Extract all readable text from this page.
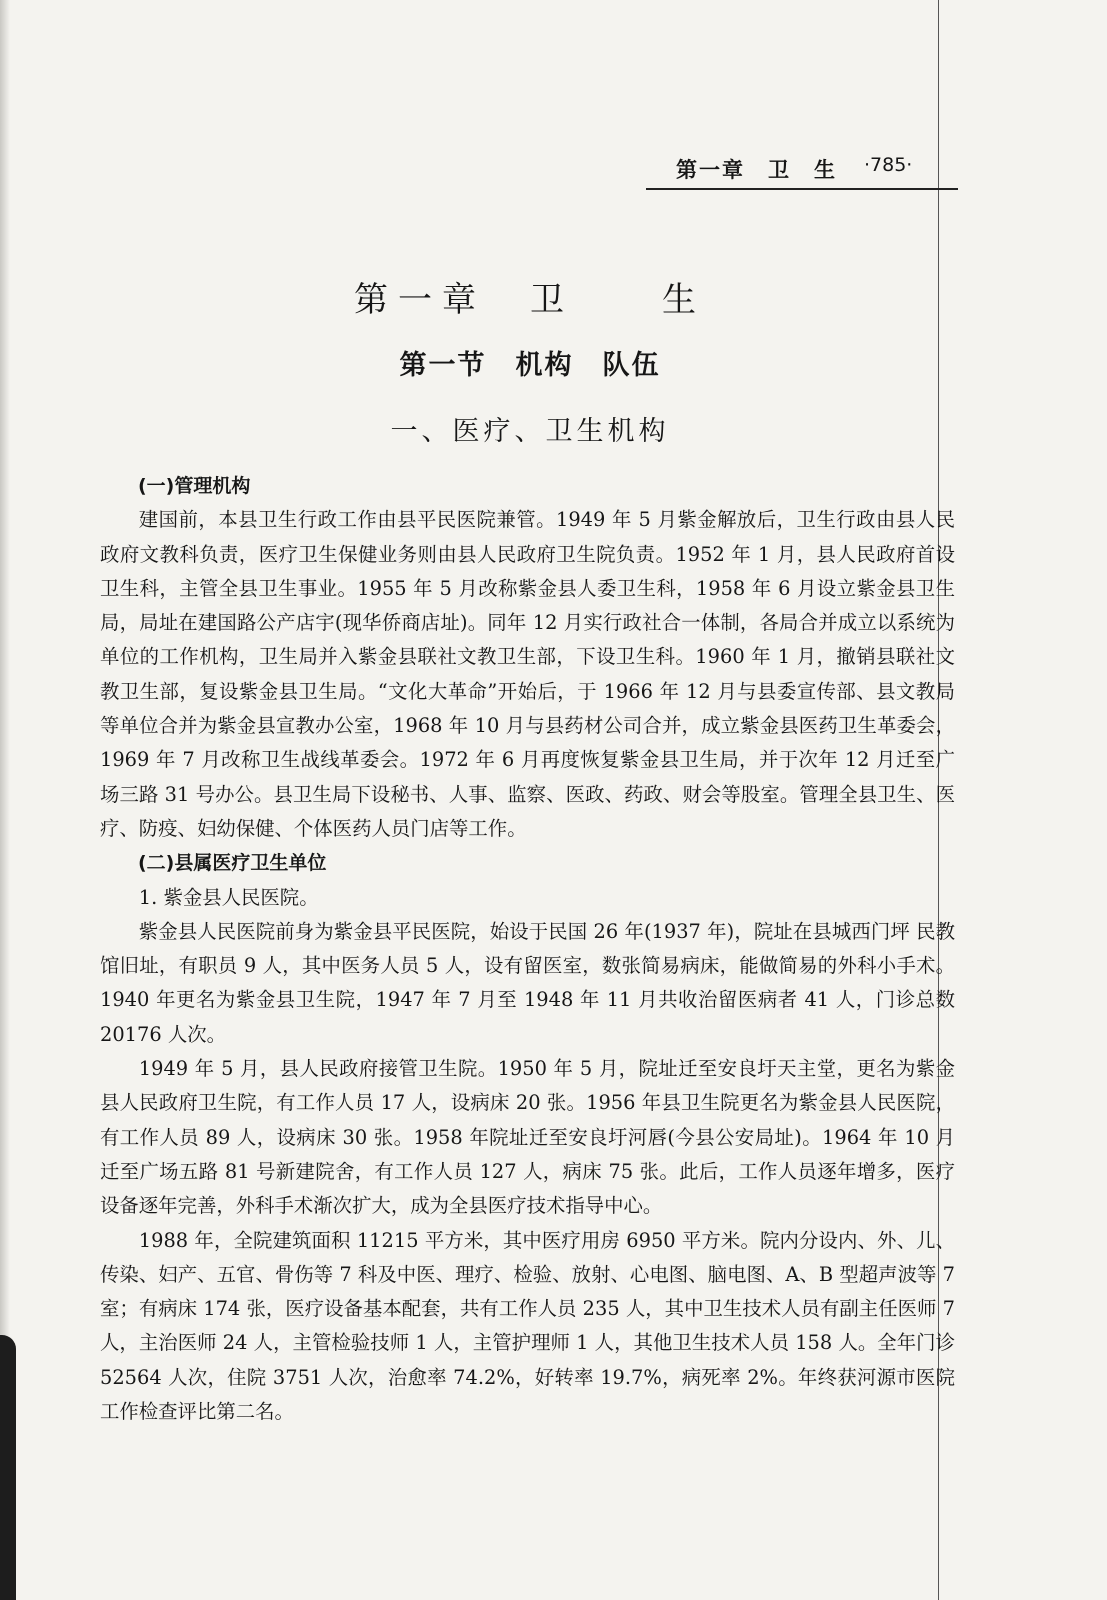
第一章　卫　生 ·785·
第一章　卫　　生
第一节　机构　队伍
一、医疗、卫生机构
(一)管理机构

建国前，本县卫生行政工作由县平民医院兼管。1949 年 5 月紫金解放后，卫生行政由县人民政府文教科负责，医疗卫生保健业务则由县人民政府卫生院负责。1952 年 1 月，县人民政府首设卫生科，主管全县卫生事业。1955 年 5 月改称紫金县人委卫生科，1958 年 6 月设立紫金县卫生局，局址在建国路公产店宇(现华侨商店址)。同年 12 月实行政社合一体制，各局合并成立以系统为单位的工作机构，卫生局并入紫金县联社文教卫生部，下设卫生科。1960 年 1 月，撤销县联社文教卫生部，复设紫金县卫生局。“文化大革命”开始后，于 1966 年 12 月与县委宣传部、县文教局等单位合并为紫金县宣教办公室，1968 年 10 月与县药材公司合并，成立紫金县医药卫生革委会，1969 年 7 月改称卫生战线革委会。1972 年 6 月再度恢复紫金县卫生局，并于次年 12 月迁至广场三路 31 号办公。县卫生局下设秘书、人事、监察、医政、药政、财会等股室。管理全县卫生、医疗、防疫、妇幼保健、个体医药人员门店等工作。

(二)县属医疗卫生单位
1. 紫金县人民医院。

紫金县人民医院前身为紫金县平民医院，始设于民国 26 年(1937 年)，院址在县城西门坪 民教馆旧址，有职员 9 人，其中医务人员 5 人，设有留医室，数张简易病床，能做简易的外科小手术。1940 年更名为紫金县卫生院，1947 年 7 月至 1948 年 11 月共收治留医病者 41 人，门诊总数 20176 人次。

1949 年 5 月，县人民政府接管卫生院。1950 年 5 月，院址迁至安良圩天主堂，更名为紫金县人民政府卫生院，有工作人员 17 人，设病床 20 张。1956 年县卫生院更名为紫金县人民医院，有工作人员 89 人，设病床 30 张。1958 年院址迁至安良圩河唇(今县公安局址)。1964 年 10 月迁至广场五路 81 号新建院舍，有工作人员 127 人，病床 75 张。此后，工作人员逐年增多，医疗设备逐年完善，外科手术渐次扩大，成为全县医疗技术指导中心。

1988 年，全院建筑面积 11215 平方米，其中医疗用房 6950 平方米。院内分设内、外、儿、传染、妇产、五官、骨伤等 7 科及中医、理疗、检验、放射、心电图、脑电图、A、B 型超声波等 7 室；有病床 174 张，医疗设备基本配套，共有工作人员 235 人，其中卫生技术人员有副主任医师 7 人，主治医师 24 人，主管检验技师 1 人，主管护理师 1 人，其他卫生技术人员 158 人。全年门诊 52564 人次，住院 3751 人次，治愈率 74.2%，好转率 19.7%，病死率 2%。年终获河源市医院工作检查评比第二名。
